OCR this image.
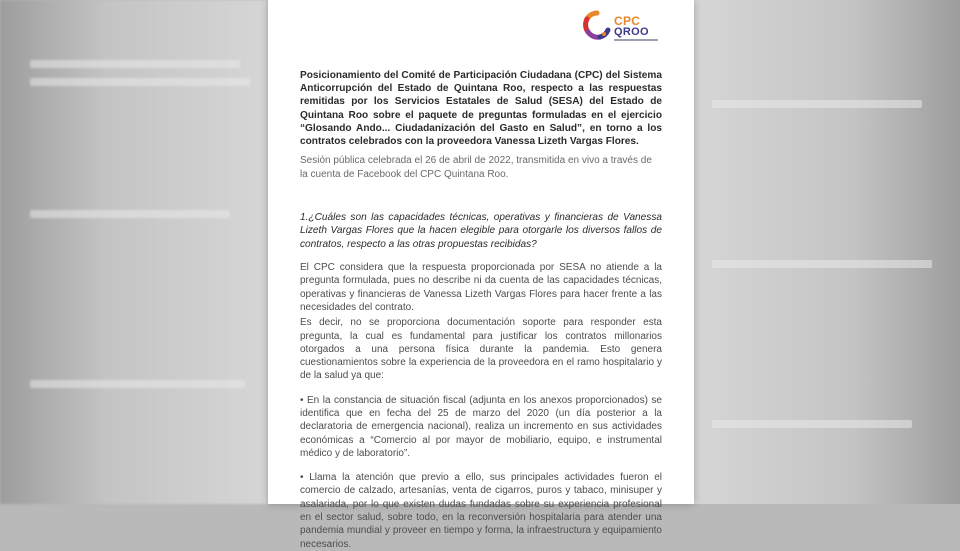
CPC
QROO

Posicionamiento del Comité de Participación Ciudadana (CPC) del Sistema Anticorrupción del Estado de Quintana Roo, respecto a las respuestas remitidas por los Servicios Estatales de Salud (SESA) del Estado de Quintana Roo sobre el paquete de preguntas formuladas en el ejercicio “Glosando Ando... Ciudadanización del Gasto en Salud”, en torno a los contratos celebrados con la proveedora Vanessa Lizeth Vargas Flores.

Sesión pública celebrada el 26 de abril de 2022, transmitida en vivo a través de la cuenta de Facebook del CPC Quintana Roo.

1.¿Cuáles son las capacidades técnicas, operativas y financieras de Vanessa Lizeth Vargas Flores que la hacen elegible para otorgarle los diversos fallos de contratos, respecto a las otras propuestas recibidas?

El CPC considera que la respuesta proporcionada por SESA no atiende a la pregunta formulada, pues no describe ni da cuenta de las capacidades técnicas, operativas y financieras de Vanessa Lizeth Vargas Flores para hacer frente a las necesidades del contrato.

Es decir, no se proporciona documentación soporte para responder esta pregunta, la cual es fundamental para justificar los contratos millonarios otorgados a una persona física durante la pandemia. Esto genera cuestionamientos sobre la experiencia de la proveedora en el ramo hospitalario y de la salud ya que:

• En la constancia de situación fiscal (adjunta en los anexos proporcionados) se identifica que en fecha del 25 de marzo del 2020 (un día posterior a la declaratoria de emergencia nacional), realiza un incremento en sus actividades económicas a “Comercio al por mayor de mobiliario, equipo, e instrumental médico y de laboratorio”.

• Llama la atención que previo a ello, sus principales actividades fueron el comercio de calzado, artesanías, venta de cigarros, puros y tabaco, minisuper y asalariada, por lo que existen dudas fundadas sobre su experiencia profesional en el sector salud, sobre todo, en la reconversión hospitalaria para atender una pandemia mundial y proveer en tiempo y forma, la infraestructura y equipamiento necesarios.
